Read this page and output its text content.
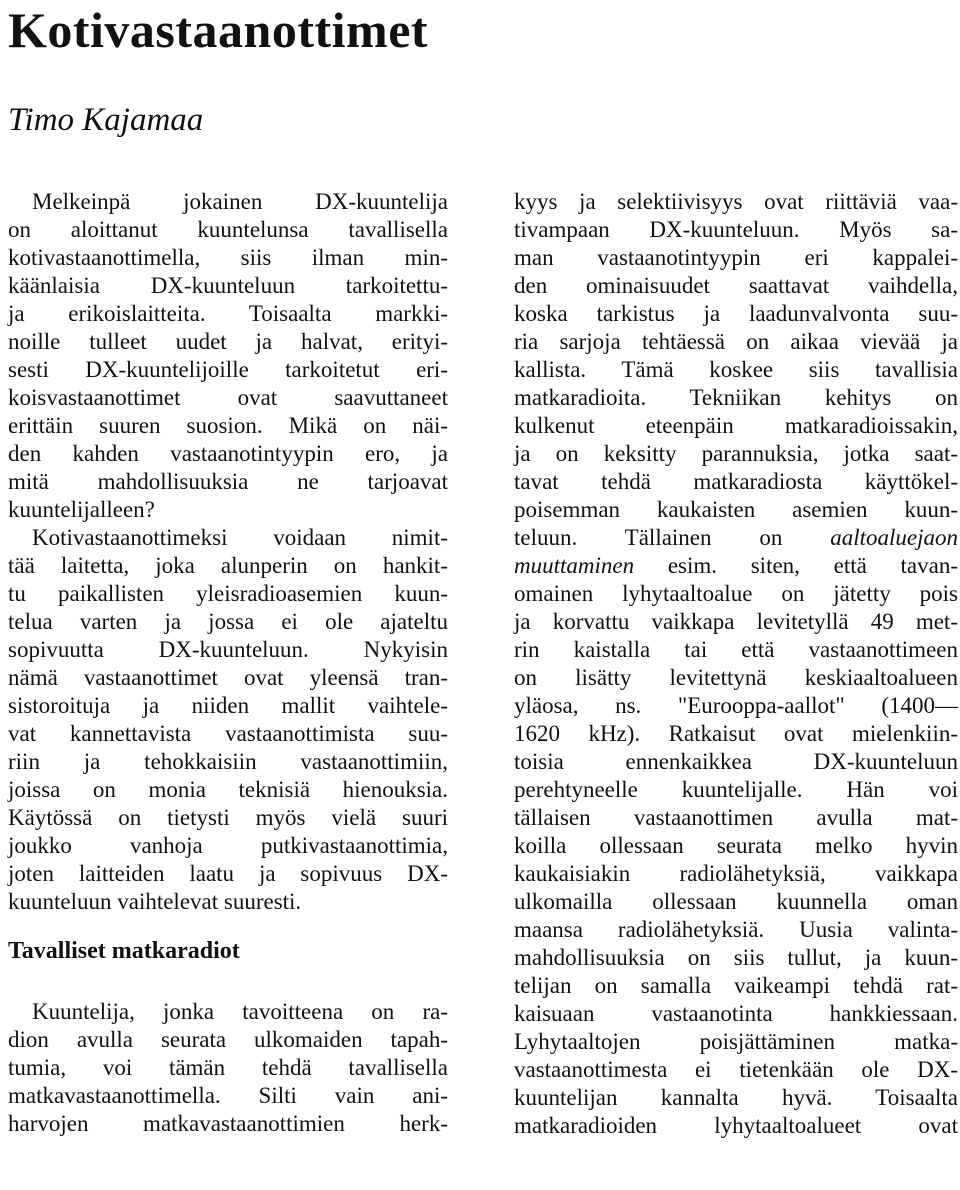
Kotivastaanottimet
Timo Kajamaa
Melkeinpä jokainen DX-kuuntelija
on aloittanut kuuntelunsa tavallisella
kotivastaanottimella, siis ilman min-
käänlaisia DX-kuunteluun tarkoitettu-
ja erikoislaitteita. Toisaalta markki-
noille tulleet uudet ja halvat, erityi-
sesti DX-kuuntelijoille tarkoitetut eri-
koisvastaanottimet ovat saavuttaneet
erittäin suuren suosion. Mikä on näi-
den kahden vastaanotintyypin ero, ja
mitä mahdollisuuksia ne tarjoavat
kuuntelijalleen?
Kotivastaanottimeksi voidaan nimit-
tää laitetta, joka alunperin on hankit-
tu paikallisten yleisradioasemien kuun-
telua varten ja jossa ei ole ajateltu
sopivuutta DX-kuunteluun. Nykyisin
nämä vastaanottimet ovat yleensä tran-
sistoroituja ja niiden mallit vaihtele-
vat kannettavista vastaanottimista suu-
riin ja tehokkaisiin vastaanottimiin,
joissa on monia teknisiä hienouksia.
Käytössä on tietysti myös vielä suuri
joukko vanhoja putkivastaanottimia,
joten laitteiden laatu ja sopivuus DX-
kuunteluun vaihtelevat suuresti.
Tavalliset matkaradiot
Kuuntelija, jonka tavoitteena on ra-
dion avulla seurata ulkomaiden tapah-
tumia, voi tämän tehdä tavallisella
matkavastaanottimella. Silti vain ani-
harvojen matkavastaanottimien herk-
kyys ja selektiivisyys ovat riittäviä vaa-
tivampaan DX-kuunteluun. Myös sa-
man vastaanotintyypin eri kappalei-
den ominaisuudet saattavat vaihdella,
koska tarkistus ja laadunvalvonta suu-
ria sarjoja tehtäessä on aikaa vievää ja
kallista. Tämä koskee siis tavallisia
matkaradioita. Tekniikan kehitys on
kulkenut eteenpäin matkaradioissakin,
ja on keksitty parannuksia, jotka saat-
tavat tehdä matkaradiosta käyttökel-
poisemman kaukaisten asemien kuun-
teluun. Tällainen on aaltoaluejaon
muuttaminen esim. siten, että tavan-
omainen lyhytaaltoalue on jätetty pois
ja korvattu vaikkapa levitetyllä 49 met-
rin kaistalla tai että vastaanottimeen
on lisätty levitettynä keskiaaltoalueen
yläosa, ns. "Eurooppa-aallot" (1400—
1620 kHz). Ratkaisut ovat mielenkiin-
toisia ennenkaikkea DX-kuunteluun
perehtyneelle kuuntelijalle. Hän voi
tällaisen vastaanottimen avulla mat-
koilla ollessaan seurata melko hyvin
kaukaisiakin radiolähetyksiä, vaikkapa
ulkomailla ollessaan kuunnella oman
maansa radiolähetyksiä. Uusia valinta-
mahdollisuuksia on siis tullut, ja kuun-
telijan on samalla vaikeampi tehdä rat-
kaisuaan vastaanotinta hankkiessaan.
Lyhytaaltojen poisjättäminen matka-
vastaanottimesta ei tietenkään ole DX-
kuuntelijan kannalta hyvä. Toisaalta
matkaradioiden lyhytaaltoalueet ovat
